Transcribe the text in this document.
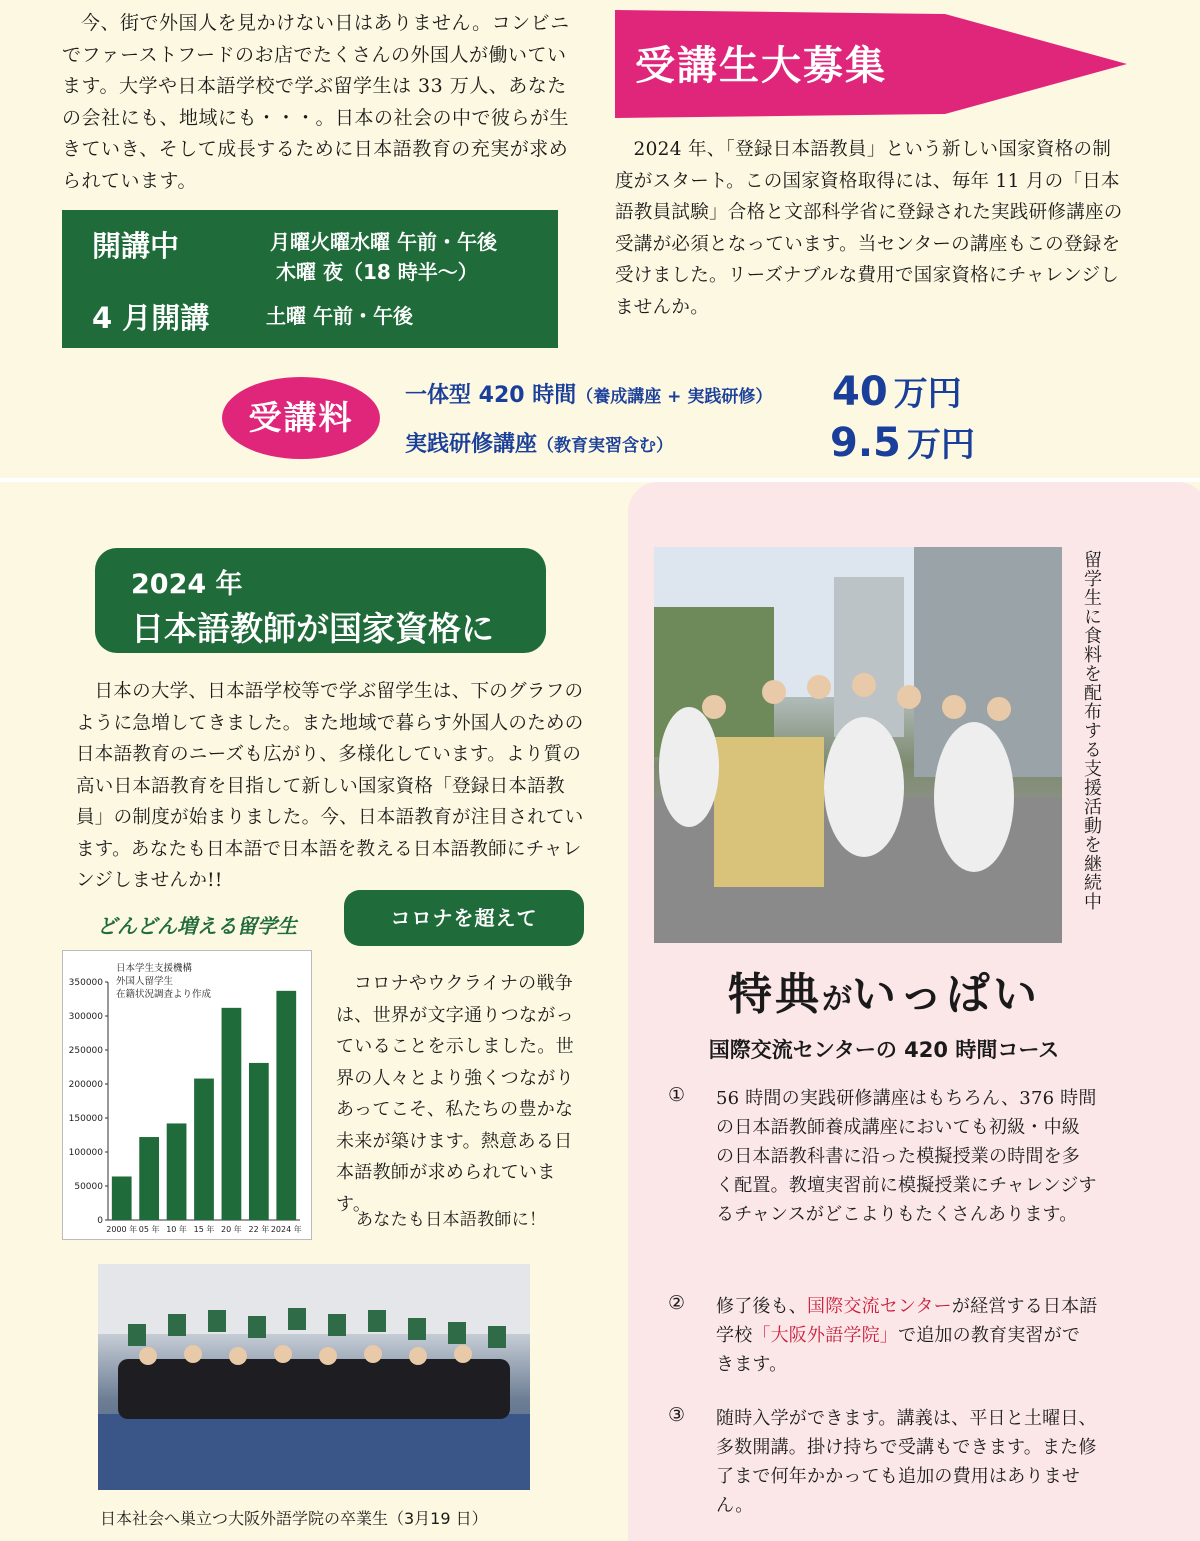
今、街で外国人を見かけない日はありません。コンビニでファーストフードのお店でたくさんの外国人が働いています。大学や日本語学校で学ぶ留学生は 33 万人、あなたの会社にも、地域にも・・・。日本の社会の中で彼らが生きていき、そして成長するために日本語教育の充実が求められています。

開講中	月曜火曜水曜 午前・午後
木曜 夜（18 時半〜）
4 月開講	土曜 午前・午後
受講生大募集

2024 年、「登録日本語教員」という新しい国家資格の制度がスタート。この国家資格取得には、毎年 11 月の「日本語教員試験」合格と文部科学省に登録された実践研修講座の受講が必須となっています。当センターの講座もこの登録を受けました。リーズナブルな費用で国家資格にチャレンジしませんか。

受講料
一体型 420 時間（養成講座 + 実践研修） 40 万円
実践研修講座（教育実習含む）	9.5 万円
2024 年
日本語教師が国家資格に

日本の大学、日本語学校等で学ぶ留学生は、下のグラフのように急増してきました。また地域で暮らす外国人のための日本語教育のニーズも広がり、多様化しています。より質の高い日本語教育を目指して新しい国家資格「登録日本語教員」の制度が始まりました。今、日本語教育が注目されています。あなたも日本語で日本語を教える日本語教師にチャレンジしませんか!!

どんどん増える留学生
0
50000
100000
150000
200000
250000
300000
350000
2000 年 05 年 10 年 15 年 20 年 22 年 2024 年
日本学生支援機構
外国人留学生
在籍状況調査より作成
コロナを超えて

コロナやウクライナの戦争は、世界が文字通りつながっていることを示しました。世界の人々とより強くつながりあってこそ、私たちの豊かな未来が築けます。熱意ある日本語教師が求められています。

あなたも日本語教師に！
日本社会へ巣立つ大阪外語学院の卒業生（3月19 日）
留学生に食料を配布する支援活動を継続中
特典がいっぱい
国際交流センターの 420 時間コース
① 56 時間の実践研修講座はもちろん、376 時間の日本語教師養成講座においても初級・中級の日本語教科書に沿った模擬授業の時間を多く配置。教壇実習前に模擬授業にチャレンジするチャンスがどこよりもたくさんあります。
② 修了後も、国際交流センターが経営する日本語学校「大阪外語学院」で追加の教育実習ができます。
③ 随時入学ができます。講義は、平日と土曜日、多数開講。掛け持ちで受講もできます。また修了まで何年かかっても追加の費用はありません。
